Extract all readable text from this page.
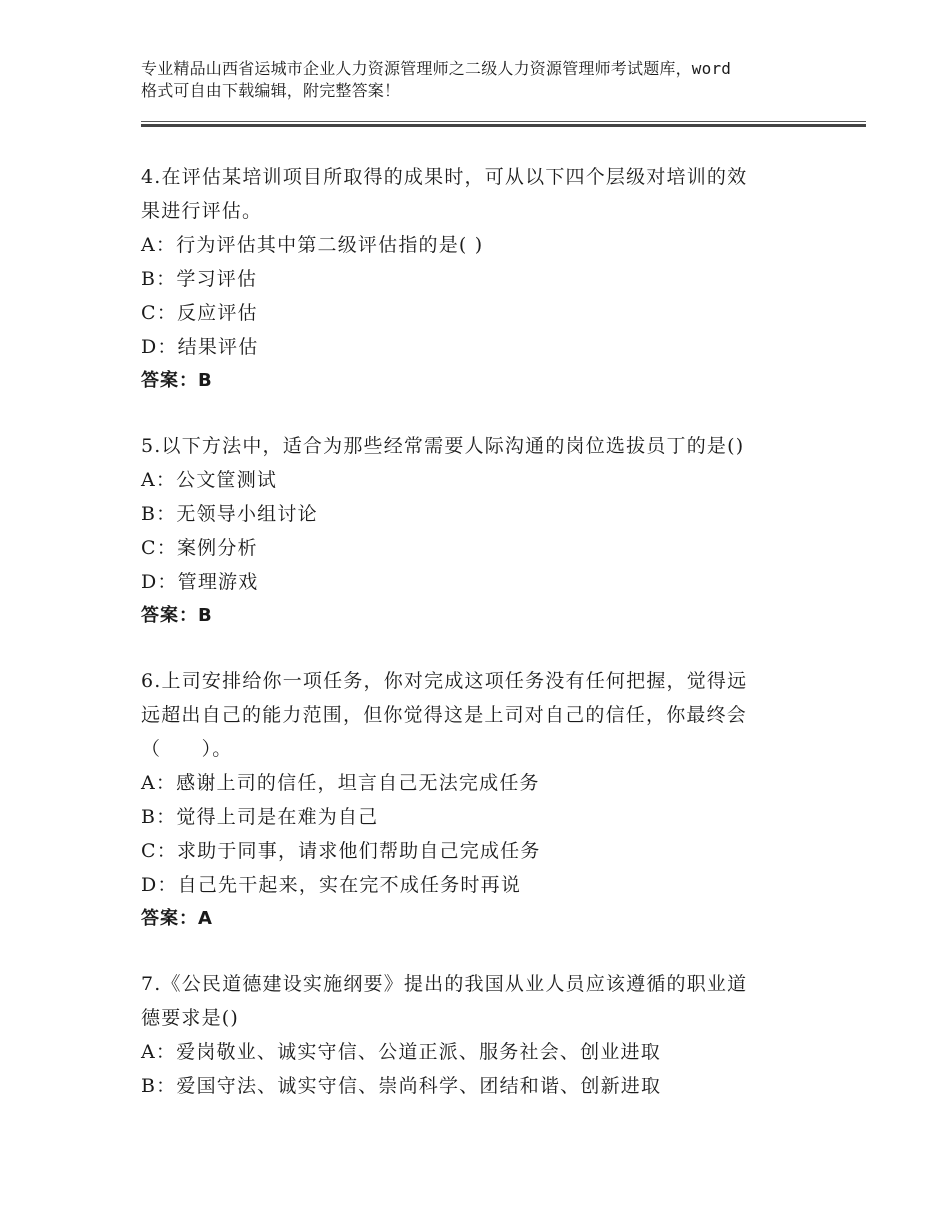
专业精品山西省运城市企业人力资源管理师之二级人力资源管理师考试题库，word
格式可自由下载编辑，附完整答案！
4.在评估某培训项目所取得的成果时，可从以下四个层级对培训的效
果进行评估。
A：行为评估其中第二级评估指的是( )
B：学习评估
C：反应评估
D：结果评估
答案：B
5.以下方法中，适合为那些经常需要人际沟通的岗位选拔员丁的是()
A：公文筐测试
B：无领导小组讨论
C：案例分析
D：管理游戏
答案：B
6.上司安排给你一项任务，你对完成这项任务没有任何把握，觉得远
远超出自己的能力范围，但你觉得这是上司对自己的信任，你最终会
（　　）。
A：感谢上司的信任，坦言自己无法完成任务
B：觉得上司是在难为自己
C：求助于同事，请求他们帮助自己完成任务
D：自己先干起来，实在完不成任务时再说
答案：A
7.《公民道德建设实施纲要》提出的我国从业人员应该遵循的职业道
德要求是()
A：爱岗敬业、诚实守信、公道正派、服务社会、创业进取
B：爱国守法、诚实守信、崇尚科学、团结和谐、创新进取
